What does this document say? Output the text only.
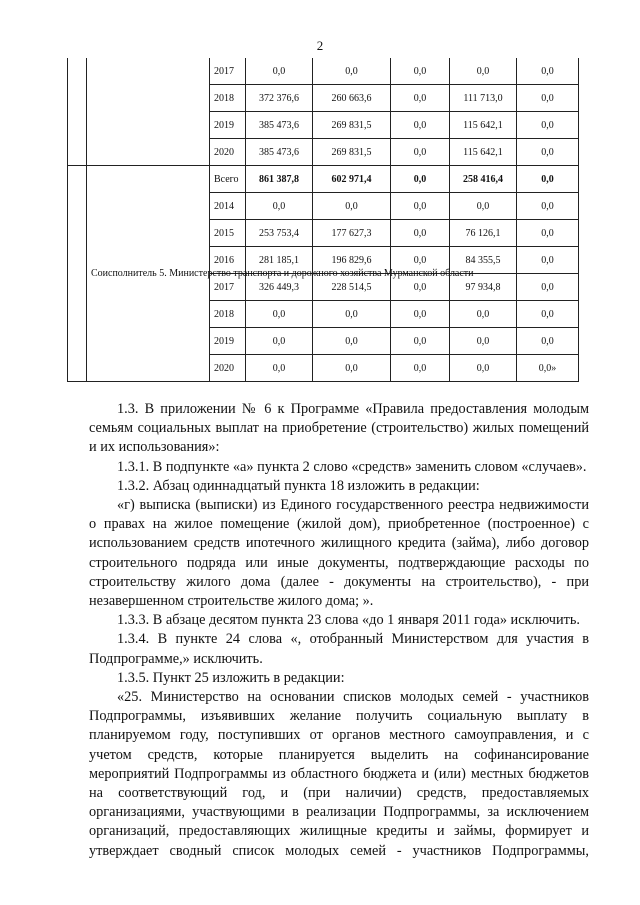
2
		2017	0,0	0,0	0,0	0,0	0,0
		2018	372 376,6	260 663,6	0,0	111 713,0	0,0
		2019	385 473,6	269 831,5	0,0	115 642,1	0,0
		2020	385 473,6	269 831,5	0,0	115 642,1	0,0
	Соисполнитель 5. Министерство транспорта и дорожного хозяйства Мурманской области	Всего	861 387,8	602 971,4	0,0	258 416,4	0,0
		2014	0,0	0,0	0,0	0,0	0,0
		2015	253 753,4	177 627,3	0,0	76 126,1	0,0
		2016	281 185,1	196 829,6	0,0	84 355,5	0,0
		2017	326 449,3	228 514,5	0,0	97 934,8	0,0
		2018	0,0	0,0	0,0	0,0	0,0
		2019	0,0	0,0	0,0	0,0	0,0
		2020	0,0	0,0	0,0	0,0	0,0»

1.3. В приложении № 6 к Программе «Правила предоставления молодым семьям социальных выплат на приобретение (строительство) жилых помещений и их использования»:

1.3.1. В подпункте «а» пункта 2 слово «средств» заменить словом «случаев».

1.3.2. Абзац одиннадцатый пункта 18 изложить в редакции:

«г) выписка (выписки) из Единого государственного реестра недвижимости о правах на жилое помещение (жилой дом), приобретенное (построенное) с использованием средств ипотечного жилищного кредита (займа), либо договор строительного подряда или иные документы, подтверждающие расходы по строительству жилого дома (далее - документы на строительство), - при незавершенном строительстве жилого дома; ».

1.3.3. В абзаце десятом пункта 23 слова «до 1 января 2011 года» исключить.

1.3.4. В пункте 24 слова «, отобранный Министерством для участия в Подпрограмме,» исключить.

1.3.5. Пункт 25 изложить в редакции:

«25. Министерство на основании списков молодых семей - участников Подпрограммы, изъявивших желание получить социальную выплату в планируемом году, поступивших от органов местного самоуправления, и с учетом средств, которые планируется выделить на софинансирование мероприятий Подпрограммы из областного бюджета и (или) местных бюджетов на соответствующий год, и (при наличии) средств, предоставляемых организациями, участвующими в реализации Подпрограммы, за исключением организаций, предоставляющих жилищные кредиты и займы, формирует и утверждает сводный список молодых семей - участников Подпрограммы,
